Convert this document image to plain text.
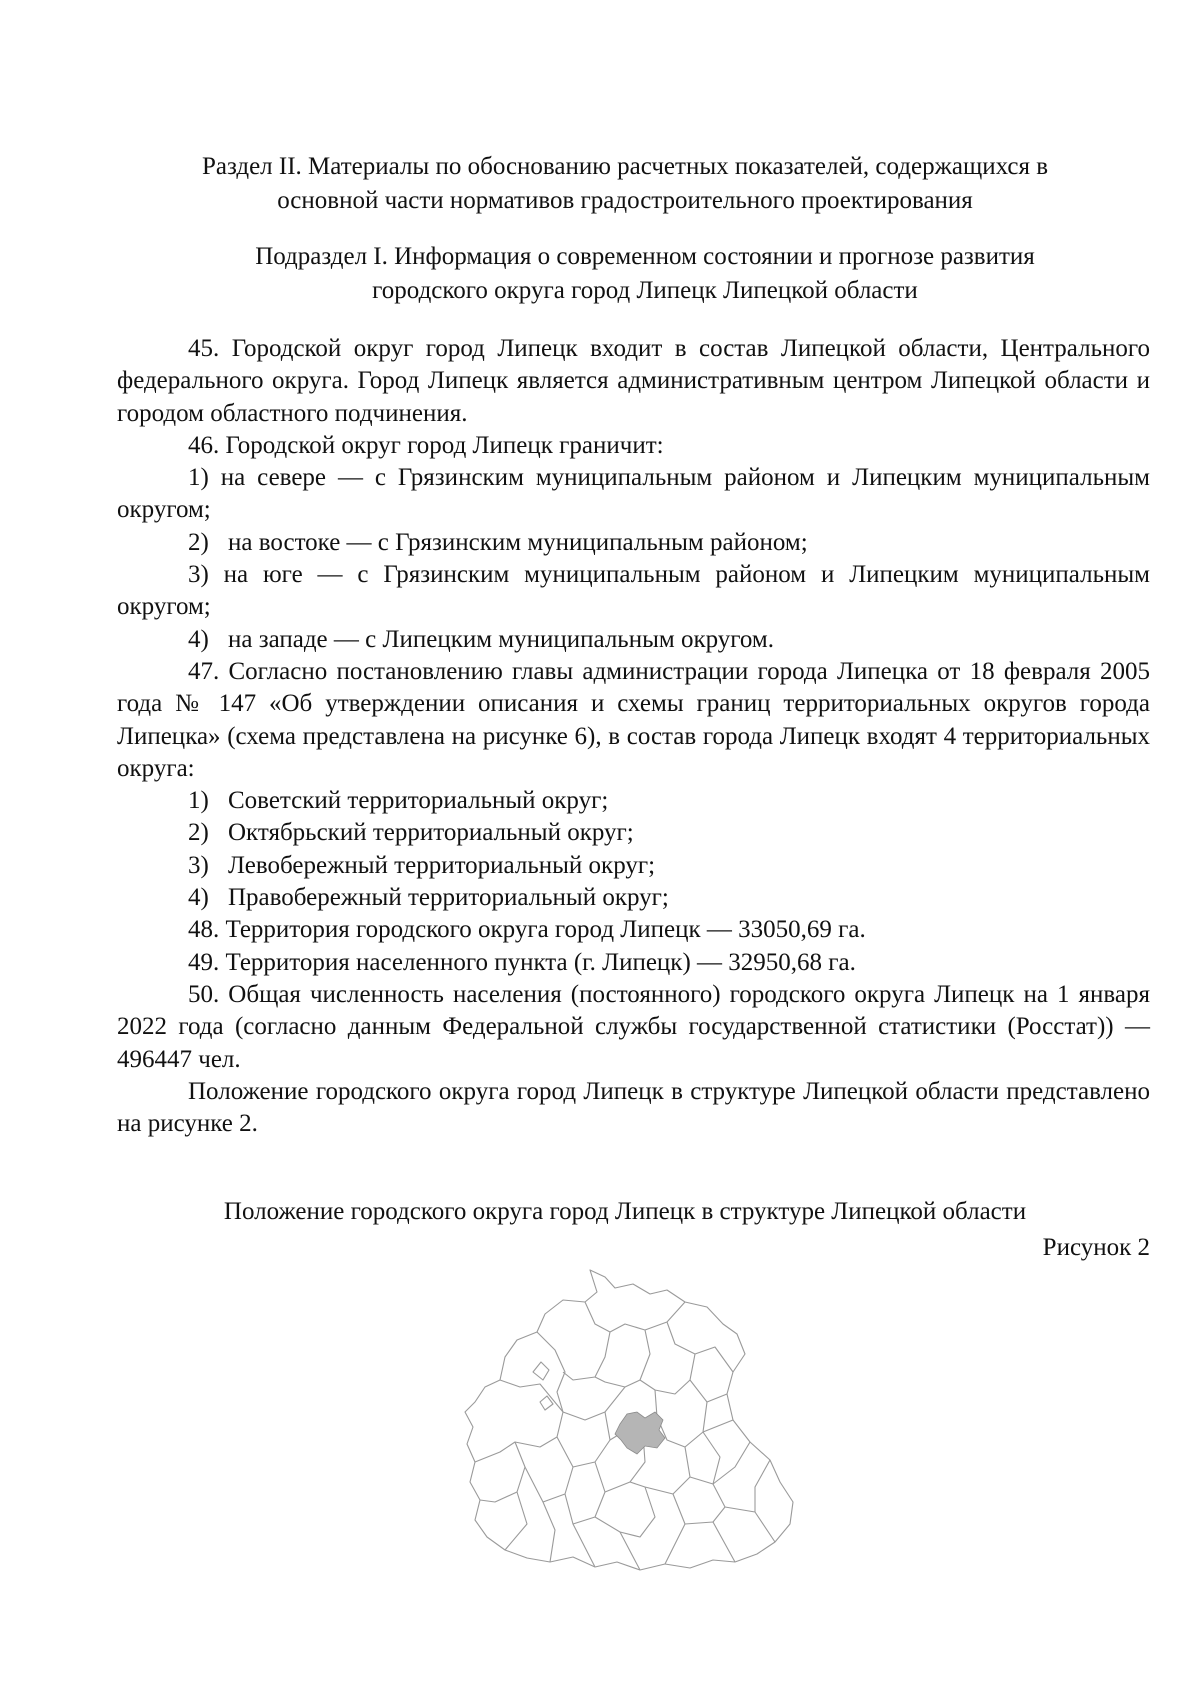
Раздел II. Материалы по обоснованию расчетных показателей, содержащихся в
основной части нормативов градостроительного проектирования
Подраздел I. Информация о современном состоянии и прогнозе развития
городского округа город Липецк Липецкой области

45. Городской округ город Липецк входит в состав Липецкой области, Центрального федерального округа. Город Липецк является административным центром Липецкой области и городом областного подчинения.

46. Городской округ город Липецк граничит:

1) на севере — с Грязинским муниципальным районом и Липецким муниципальным округом;

2) на востоке — с Грязинским муниципальным районом;

3) на юге — с Грязинским муниципальным районом и Липецким муниципальным округом;

4) на западе — с Липецким муниципальным округом.

47. Согласно постановлению главы администрации города Липецка от 18 февраля 2005 года № 147 «Об утверждении описания и схемы границ территориальных округов города Липецка» (схема представлена на рисунке 6), в состав города Липецк входят 4 территориальных округа:

1) Советский территориальный округ;

2) Октябрьский территориальный округ;

3) Левобережный территориальный округ;

4) Правобережный территориальный округ;

48. Территория городского округа город Липецк — 33050,69 га.

49. Территория населенного пункта (г. Липецк) — 32950,68 га.

50. Общая численность населения (постоянного) городского округа Липецк на 1 января 2022 года (согласно данным Федеральной службы государственной статистики (Росстат)) — 496447 чел.

Положение городского округа город Липецк в структуре Липецкой области представлено на рисунке 2.

Положение городского округа город Липецк в структуре Липецкой области
Рисунок 2
